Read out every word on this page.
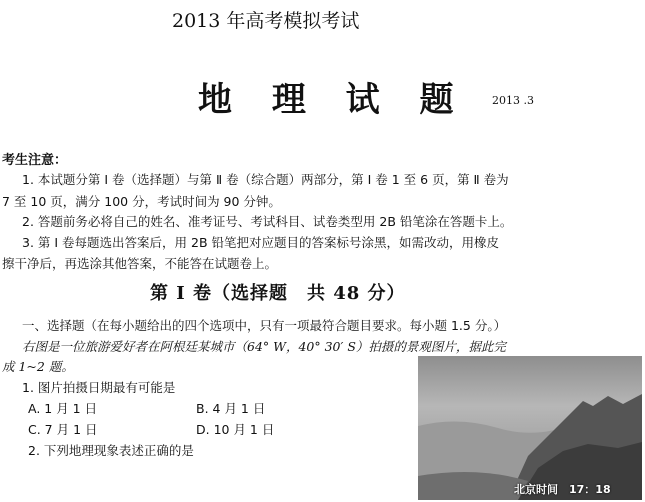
2013 年高考模拟考试
地 理 试 题 2013 .3
考生注意：
1. 本试题分第 Ⅰ 卷（选择题）与第 Ⅱ 卷（综合题）两部分，第 Ⅰ 卷 1 至 6 页，第 Ⅱ 卷为
7 至 10 页，满分 100 分，考试时间为 90 分钟。
2. 答题前务必将自己的姓名、准考证号、考试科目、试卷类型用 2B 铅笔涂在答题卡上。
3. 第 Ⅰ 卷每题选出答案后，用 2B 铅笔把对应题目的答案标号涂黑，如需改动，用橡皮
擦干净后，再选涂其他答案，不能答在试题卷上。
第 Ⅰ 卷（选择题　共 48 分）
一、选择题（在每小题给出的四个选项中，只有一项最符合题目要求。每小题 1.5 分。）
右图是一位旅游爱好者在阿根廷某城市（64° W，40° 30′ S）拍摄的景观图片，据此完
成 1~2 题。
1. 图片拍摄日期最有可能是
A. 1 月 1 日	B. 4 月 1 日
C. 7 月 1 日	D. 10 月 1 日
2. 下列地理现象表述正确的是
北京时间　17：18
